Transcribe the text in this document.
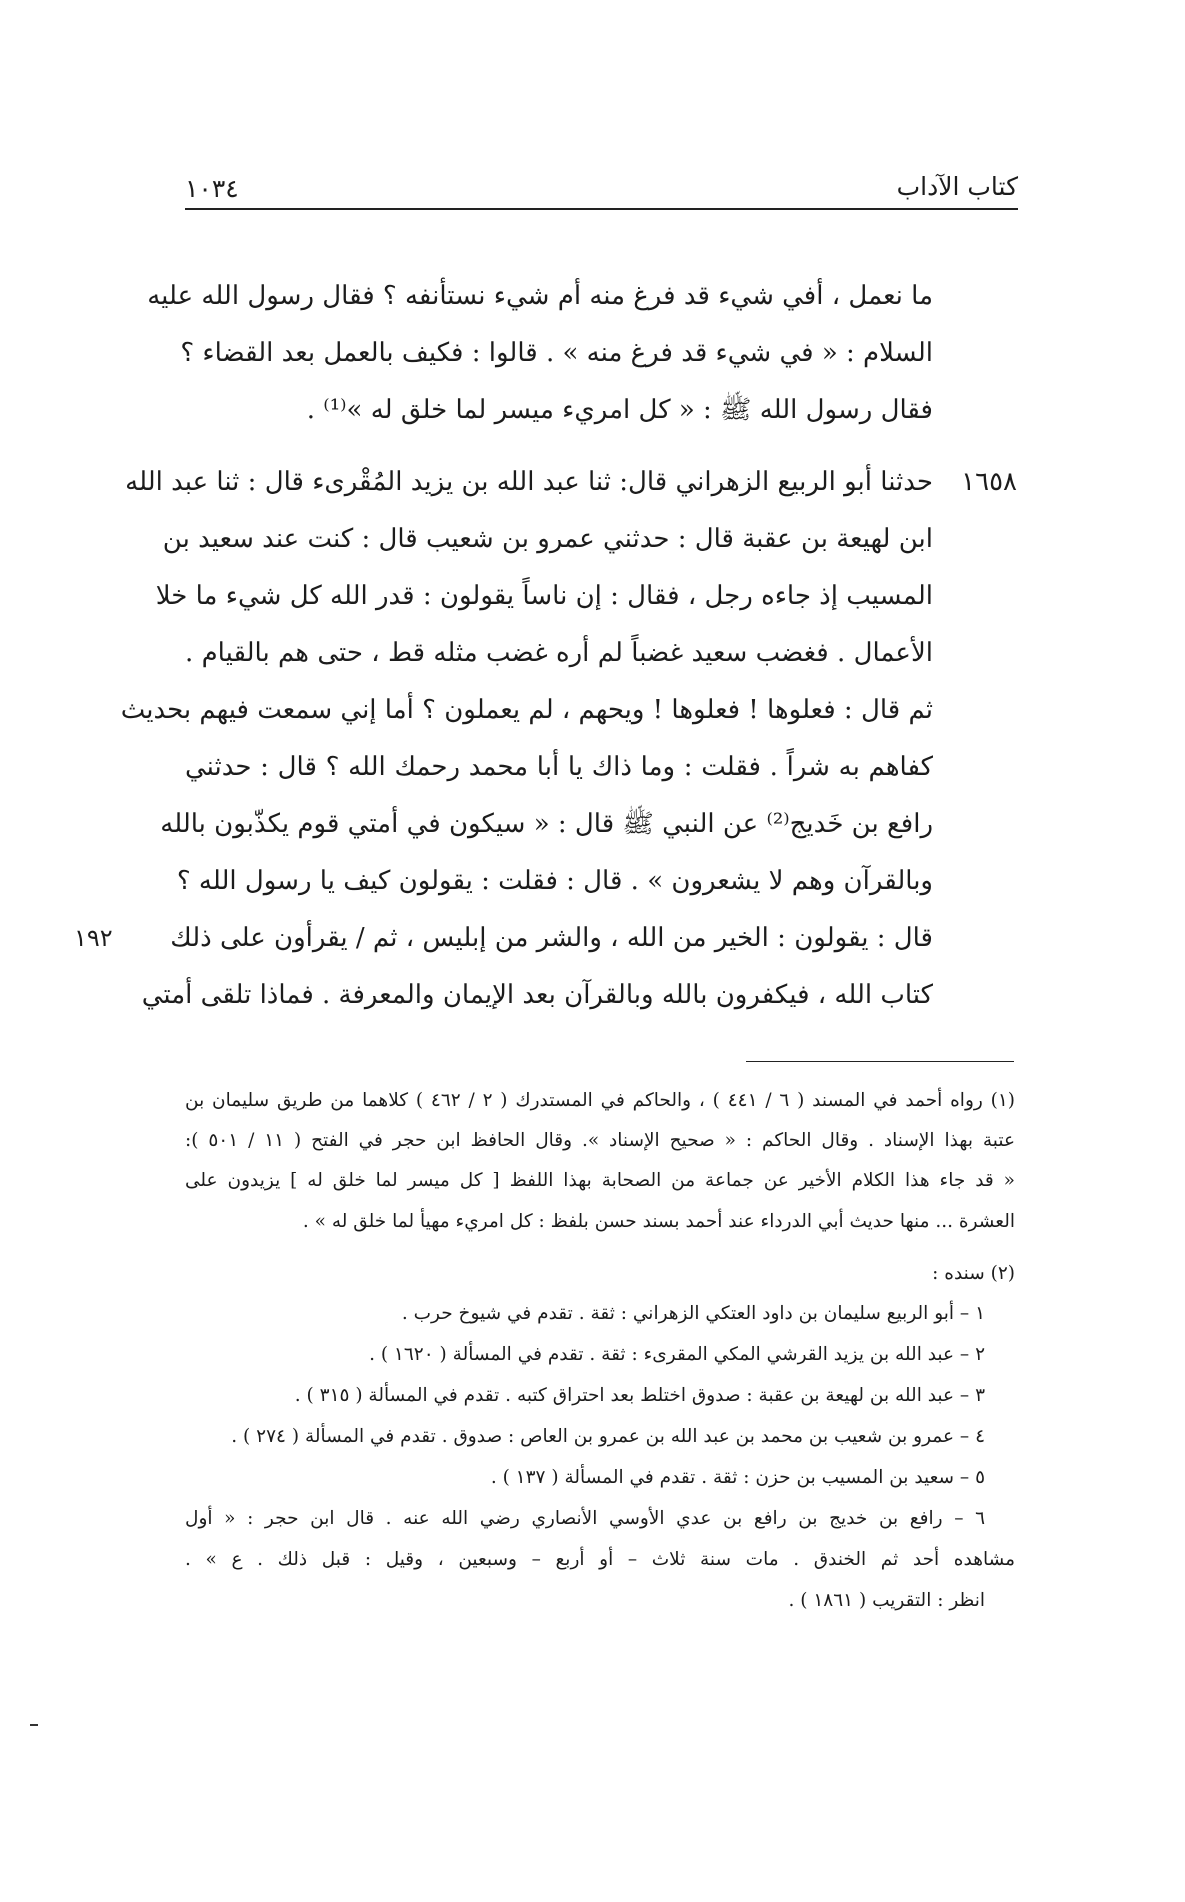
كتاب الآداب
١٠٣٤
ما نعمل ، أفي شيء قد فرغ منه أم شيء نستأنفه ؟ فقال رسول الله عليه
السلام : « في شيء قد فرغ منه » . قالوا : فكيف بالعمل بعد القضاء ؟
فقال رسول الله ﷺ : « كل امريء ميسر لما خلق له »⁽¹⁾ .
١٦٥٨
حدثنا أبو الربيع الزهراني قال: ثنا عبد الله بن يزيد المُقْرىء قال : ثنا عبد الله
ابن لهيعة بن عقبة قال : حدثني عمرو بن شعيب قال : كنت عند سعيد بن
المسيب إذ جاءه رجل ، فقال : إن ناساً يقولون : قدر الله كل شيء ما خلا
الأعمال . فغضب سعيد غضباً لم أره غضب مثله قط ، حتى هم بالقيام .
ثم قال : فعلوها ! فعلوها ! ويحهم ، لم يعملون ؟ أما إني سمعت فيهم بحديث
كفاهم به شراً . فقلت : وما ذاك يا أبا محمد رحمك الله ؟ قال : حدثني
رافع بن خَديج⁽²⁾ عن النبي ﷺ قال : « سيكون في أمتي قوم يكذّبون بالله
وبالقرآن وهم لا يشعرون » . قال : فقلت : يقولون كيف يا رسول الله ؟
قال : يقولون : الخير من الله ، والشر من إبليس ، ثم / يقرأون على ذلك
كتاب الله ، فيكفرون بالله وبالقرآن بعد الإيمان والمعرفة . فماذا تلقى أمتي
١٩٢
(١) رواه أحمد في المسند ( ٦ / ٤٤١ ) ، والحاكم في المستدرك ( ٢ / ٤٦٢ ) كلاهما من طريق سليمان بن
عتبة بهذا الإسناد . وقال الحاكم : « صحيح الإسناد ». وقال الحافظ ابن حجر في الفتح ( ١١ / ٥٠١ ):
« قد جاء هذا الكلام الأخير عن جماعة من الصحابة بهذا اللفظ [ كل ميسر لما خلق له ] يزيدون على
العشرة ... منها حديث أبي الدرداء عند أحمد بسند حسن بلفظ : كل امريء مهيأ لما خلق له » .
(٢) سنده :
١ – أبو الربيع سليمان بن داود العتكي الزهراني : ثقة . تقدم في شيوخ حرب .
٢ – عبد الله بن يزيد القرشي المكي المقرىء : ثقة . تقدم في المسألة ( ١٦٢٠ ) .
٣ – عبد الله بن لهيعة بن عقبة : صدوق اختلط بعد احتراق كتبه . تقدم في المسألة ( ٣١٥ ) .
٤ – عمرو بن شعيب بن محمد بن عبد الله بن عمرو بن العاص : صدوق . تقدم في المسألة ( ٢٧٤ ) .
٥ – سعيد بن المسيب بن حزن : ثقة . تقدم في المسألة ( ١٣٧ ) .
٦ – رافع بن خديج بن رافع بن عدي الأوسي الأنصاري رضي الله عنه . قال ابن حجر : « أول
مشاهده أحد ثم الخندق . مات سنة ثلاث – أو أربع – وسبعين ، وقيل : قبل ذلك . ع » .
انظر : التقريب ( ١٨٦١ ) .
